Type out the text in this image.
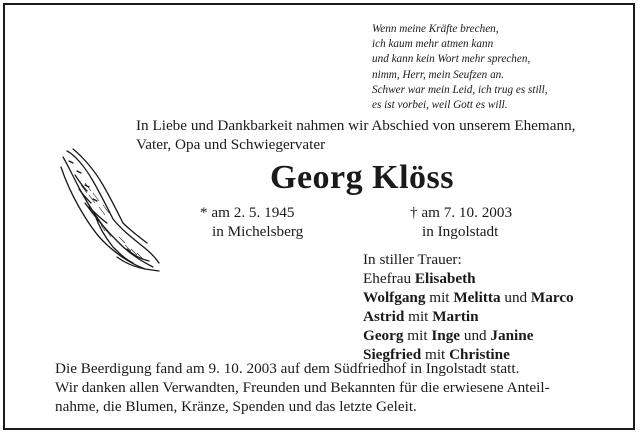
Wenn meine Kräfte brechen,
ich kaum mehr atmen kann
und kann kein Wort mehr sprechen,
nimm, Herr, mein Seufzen an.
Schwer war mein Leid, ich trug es still,
es ist vorbei, weil Gott es will.
In Liebe und Dankbarkeit nahmen wir Abschied von unserem Ehemann,
Vater, Opa und Schwiegervater
Georg Klöss
* am 2. 5. 1945
in Michelsberg
† am 7. 10. 2003
in Ingolstadt
In stiller Trauer:
Ehefrau Elisabeth
Wolfgang mit Melitta und Marco
Astrid mit Martin
Georg mit Inge und Janine
Siegfried mit Christine
Die Beerdigung fand am 9. 10. 2003 auf dem Südfriedhof in Ingolstadt statt.
Wir danken allen Verwandten, Freunden und Bekannten für die erwiesene Anteil-
nahme, die Blumen, Kränze, Spenden und das letzte Geleit.
